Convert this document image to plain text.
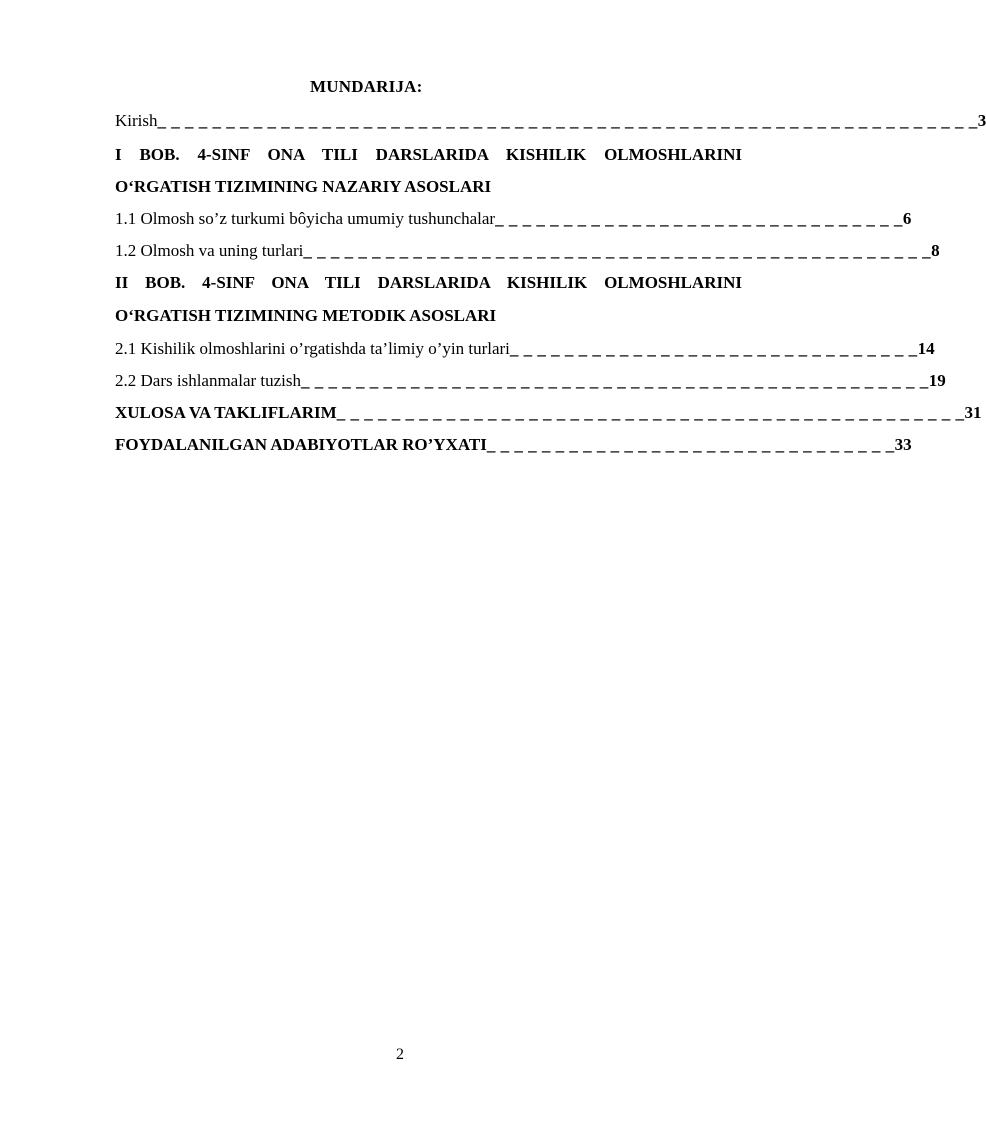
MUNDARIJA:
Kirish _ _ _ _ _ _ _ _ _ _ _ _ _ _ _ _ _ _ _ _ _ _ _ _ _ _ _ _ _ _ _ _ _ _ _ _ _ _ _ _ _ _ _ _ _ _ _ _ _ _ _ _ _ _ _ _ _ _ _ _ 3
I BOB. 4-SINF ONA TILI DARSLARIDA KISHILIK OLMOSHLARINI
O‘RGATISH TIZIMINING NAZARIY ASOSLARI
1.1 Olmosh so’z turkumi bôyicha umumiy tushunchalar _ _ _ _ _ _ _ _ _ _ _ _ _ _ _ _ _ _ _ _ _ _ _ _ _ _ _ _ _ _ 6
1.2 Olmosh va uning turlari _ _ _ _ _ _ _ _ _ _ _ _ _ _ _ _ _ _ _ _ _ _ _ _ _ _ _ _ _ _ _ _ _ _ _ _ _ _ _ _ _ _ _ _ _ _ 8
II BOB. 4-SINF ONA TILI DARSLARIDA KISHILIK OLMOSHLARINI
O‘RGATISH TIZIMINING METODIK ASOSLARI
2.1 Kishilik olmoshlarini o’rgatishda ta’limiy o’yin turlari _ _ _ _ _ _ _ _ _ _ _ _ _ _ _ _ _ _ _ _ _ _ _ _ _ _ _ _ _ _ 14
2.2 Dars ishlanmalar tuzish _ _ _ _ _ _ _ _ _ _ _ _ _ _ _ _ _ _ _ _ _ _ _ _ _ _ _ _ _ _ _ _ _ _ _ _ _ _ _ _ _ _ _ _ _ _ 19
XULOSA VA TAKLIFLARIM _ _ _ _ _ _ _ _ _ _ _ _ _ _ _ _ _ _ _ _ _ _ _ _ _ _ _ _ _ _ _ _ _ _ _ _ _ _ _ _ _ _ _ _ _ _ 31
FOYDALANILGAN ADABIYOTLAR RO’YXATI _ _ _ _ _ _ _ _ _ _ _ _ _ _ _ _ _ _ _ _ _ _ _ _ _ _ _ _ _ _ 33
2
